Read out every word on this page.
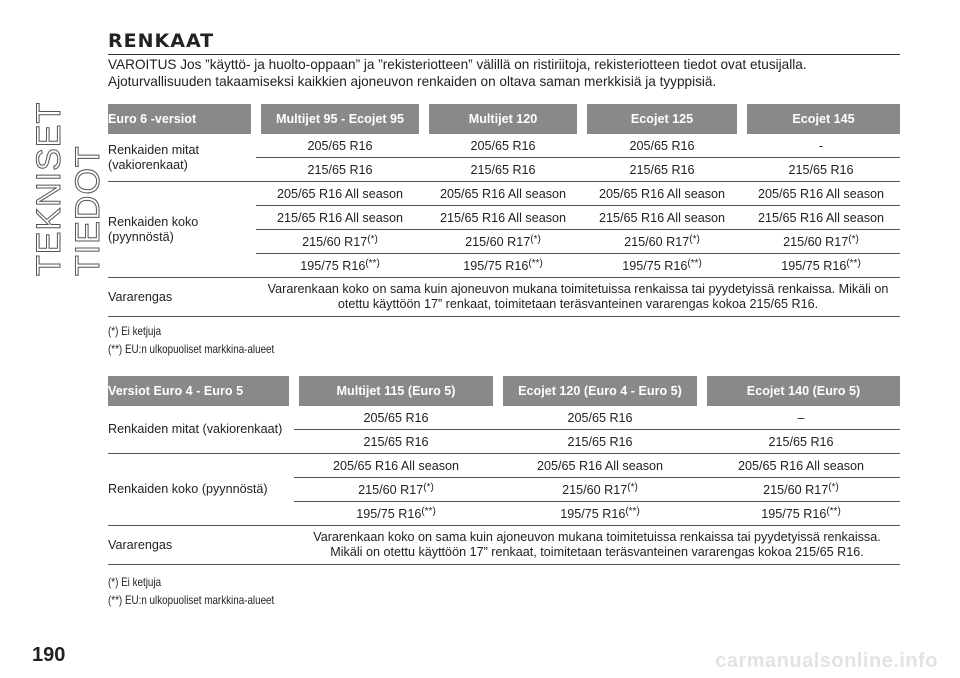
TEKNISET TIEDOT
RENKAAT
VAROITUS Jos ”käyttö- ja huolto-oppaan” ja ”rekisteriotteen” välillä on ristiriitoja, rekisteriotteen tiedot ovat etusijalla. Ajoturvallisuuden takaamiseksi kaikkien ajoneuvon renkaiden on oltava saman merkkisiä ja tyyppisiä.
Euro 6 -versiot	Multijet 95 - Ecojet 95	Multijet 120	Ecojet 125	Ecojet 145
Renkaiden mitat (vakiorenkaat)	205/65 R16	205/65 R16	205/65 R16	-
	215/65 R16	215/65 R16	215/65 R16	215/65 R16
Renkaiden koko (pyynnöstä)	205/65 R16 All season	205/65 R16 All season	205/65 R16 All season	205/65 R16 All season
	215/65 R16 All season	215/65 R16 All season	215/65 R16 All season	215/65 R16 All season
	215/60 R17(*)	215/60 R17(*)	215/60 R17(*)	215/60 R17(*)
	195/75 R16(**)	195/75 R16(**)	195/75 R16(**)	195/75 R16(**)
Vararengas	Vararenkaan koko on sama kuin ajoneuvon mukana toimitetuissa renkaissa tai pyydetyissä renkaissa. Mikäli on otettu käyttöön 17” renkaat, toimitetaan teräsvanteinen vararengas kokoa 215/65 R16.			
(*) Ei ketjuja
(**) EU:n ulkopuoliset markkina-alueet
Versiot Euro 4 - Euro 5	Multijet 115 (Euro 5)	Ecojet 120 (Euro 4 - Euro 5)	Ecojet 140 (Euro 5)
Renkaiden mitat (vakiorenkaat)	205/65 R16	205/65 R16	–
	215/65 R16	215/65 R16	215/65 R16
Renkaiden koko (pyynnöstä)	205/65 R16 All season	205/65 R16 All season	205/65 R16 All season
	215/60 R17(*)	215/60 R17(*)	215/60 R17(*)
	195/75 R16(**)	195/75 R16(**)	195/75 R16(**)
Vararengas	Vararenkaan koko on sama kuin ajoneuvon mukana toimitetuissa renkaissa tai pyydetyissä renkaissa. Mikäli on otettu käyttöön 17” renkaat, toimitetaan teräsvanteinen vararengas kokoa 215/65 R16.		
(*) Ei ketjuja
(**) EU:n ulkopuoliset markkina-alueet
190	carmanualsonline.info
